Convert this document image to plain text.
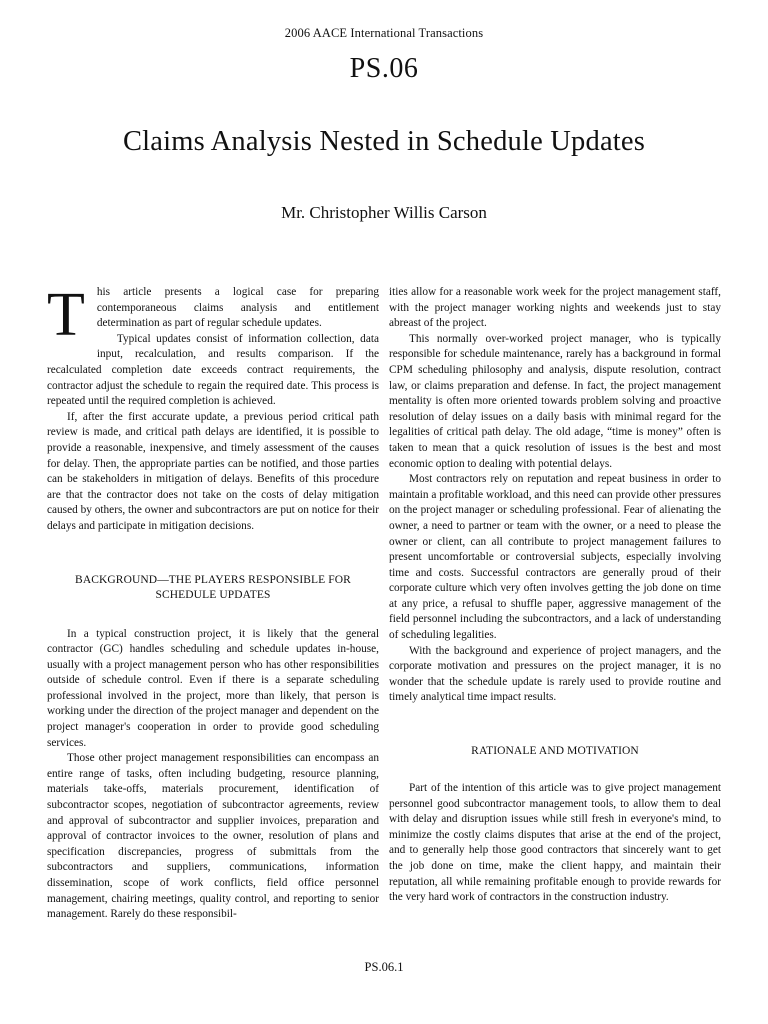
2006 AACE International Transactions
PS.06
Claims Analysis Nested in Schedule Updates
Mr. Christopher Willis Carson

T his article presents a logical case for preparing contemporaneous claims analysis and entitlement determination as part of regular schedule updates.

Typical updates consist of information collection, data input, recalculation, and results comparison. If the recalculated completion date exceeds contract requirements, the contractor adjust the schedule to regain the required date. This process is repeated until the required completion is achieved.

If, after the first accurate update, a previous period critical path review is made, and critical path delays are identified, it is possible to provide a reasonable, inexpensive, and timely assessment of the causes for delay. Then, the appropriate parties can be notified, and those parties can be stakeholders in mitigation of delays. Benefits of this procedure are that the contractor does not take on the costs of delay mitigation caused by others, the owner and subcontractors are put on notice for their delays and participate in mitigation decisions.

BACKGROUND—THE PLAYERS RESPONSIBLE FOR SCHEDULE UPDATES

In a typical construction project, it is likely that the general contractor (GC) handles scheduling and schedule updates in-house, usually with a project management person who has other responsibilities outside of schedule control. Even if there is a separate scheduling professional involved in the project, more than likely, that person is working under the direction of the project manager and dependent on the project manager's cooperation in order to provide good scheduling services.

Those other project management responsibilities can encompass an entire range of tasks, often including budgeting, resource planning, materials take-offs, materials procurement, identification of subcontractor scopes, negotiation of subcontractor agreements, review and approval of subcontractor and supplier invoices, preparation and approval of contractor invoices to the owner, resolution of plans and specification discrepancies, progress of submittals from the subcontractors and suppliers, communications, information dissemination, scope of work conflicts, field office personnel management, chairing meetings, quality control, and reporting to senior management. Rarely do these responsibil-

ities allow for a reasonable work week for the project management staff, with the project manager working nights and weekends just to stay abreast of the project.

This normally over-worked project manager, who is typically responsible for schedule maintenance, rarely has a background in formal CPM scheduling philosophy and analysis, dispute resolution, contract law, or claims preparation and defense. In fact, the project management mentality is often more oriented towards problem solving and proactive resolution of delay issues on a daily basis with minimal regard for the legalities of critical path delay. The old adage, “time is money” often is taken to mean that a quick resolution of issues is the best and most economic option to dealing with potential delays.

Most contractors rely on reputation and repeat business in order to maintain a profitable workload, and this need can provide other pressures on the project manager or scheduling professional. Fear of alienating the owner, a need to partner or team with the owner, or a need to please the owner or client, can all contribute to project management failures to present uncomfortable or controversial subjects, especially involving time and costs. Successful contractors are generally proud of their corporate culture which very often involves getting the job done on time at any price, a refusal to shuffle paper, aggressive management of the field personnel including the subcontractors, and a lack of understanding of scheduling legalities.

With the background and experience of project managers, and the corporate motivation and pressures on the project manager, it is no wonder that the schedule update is rarely used to provide routine and timely analytical time impact results.

RATIONALE AND MOTIVATION

Part of the intention of this article was to give project management personnel good subcontractor management tools, to allow them to deal with delay and disruption issues while still fresh in everyone's mind, to minimize the costly claims disputes that arise at the end of the project, and to generally help those good contractors that sincerely want to get the job done on time, make the client happy, and maintain their reputation, all while remaining profitable enough to provide rewards for the very hard work of contractors in the construction industry.

PS.06.1
